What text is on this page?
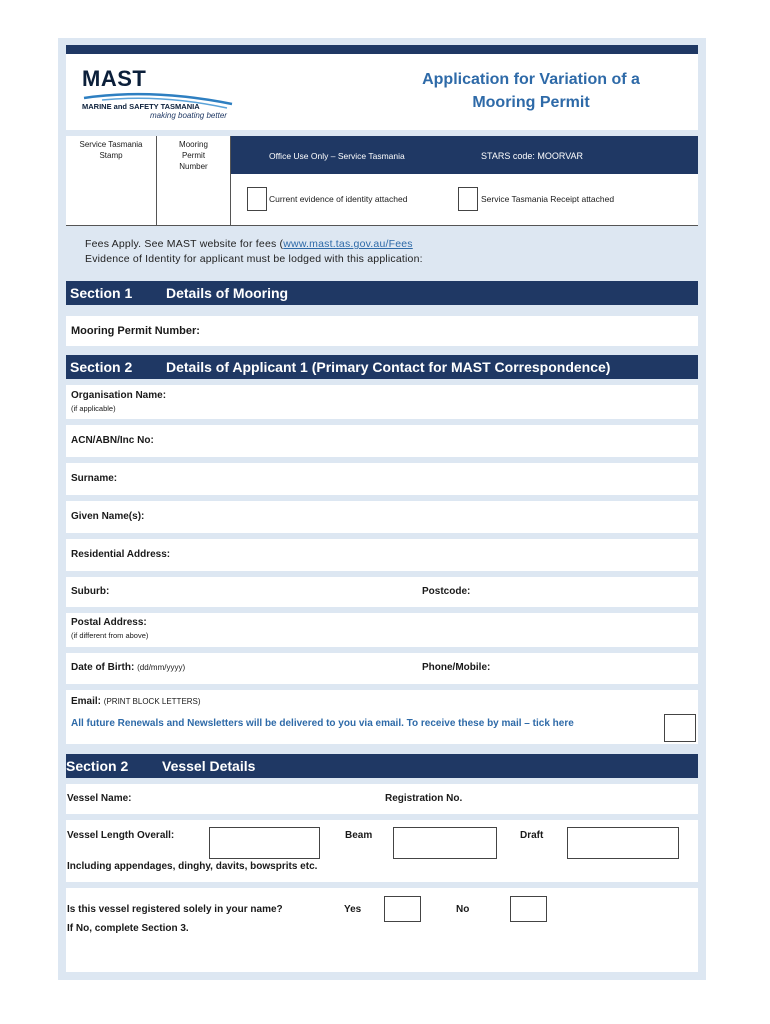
MAST
MARINE and SAFETY TASMANIA
making boating better
Application for Variation of a
Mooring Permit
Service Tasmania
Stamp
Mooring
Permit
Number
Office Use Only – Service Tasmania	STARS code: MOORVAR
Current evidence of identity attached	Service Tasmania Receipt attached
Fees Apply. See MAST website for fees (www.mast.tas.gov.au/Fees
Evidence of Identity for applicant must be lodged with this application:
Section 1 Details of Mooring
Mooring Permit Number:
Section 2 Details of Applicant 1 (Primary Contact for MAST Correspondence)
Organisation Name:
(if applicable)
ACN/ABN/Inc No:
Surname:
Given Name(s):
Residential Address:
Suburb:	Postcode:
Postal Address:
(if different from above)
Date of Birth: (dd/mm/yyyy)	Phone/Mobile:
Email: (PRINT BLOCK LETTERS)
All future Renewals and Newsletters will be delivered to you via email. To receive these by mail – tick here
Section 2 Vessel Details
Vessel Name:	Registration No.
Vessel Length Overall:	Beam	Draft
Including appendages, dinghy, davits, bowsprits etc.
Is this vessel registered solely in your name?	Yes	No
If No, complete Section 3.
